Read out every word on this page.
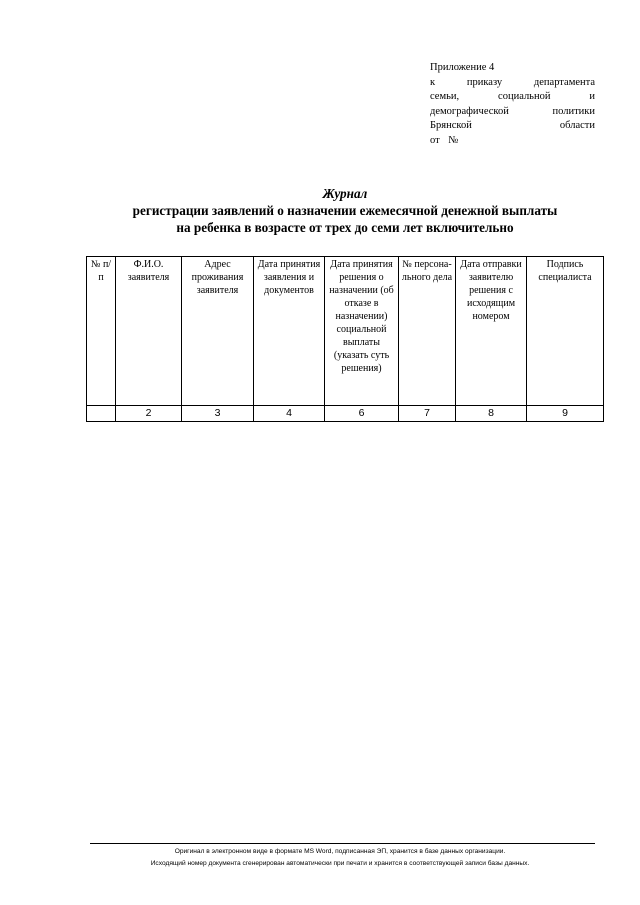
Приложение 4
к приказу департамента
семьи, социальной и
демографической политики
Брянской области
от №
Журнал
регистрации заявлений о назначении ежемесячной денежной выплаты
на ребенка в возрасте от трех до семи лет включительно
№ п/п	Ф.И.О. заявителя	Адрес проживания заявителя	Дата принятия заявления и документов	Дата принятия решения о назначении (об отказе в назначении) социальной выплаты (указать суть решения)	№ персона-льного дела	Дата отправки заявителю решения с исходящим номером	Подпись специалиста
	2	3	4	6	7	8	9
Оригинал в электронном виде в формате MS Word, подписанная ЭП, хранится в базе данных организации.
Исходящий номер документа сгенерирован автоматически при печати и хранится в соответствующей записи базы данных.
